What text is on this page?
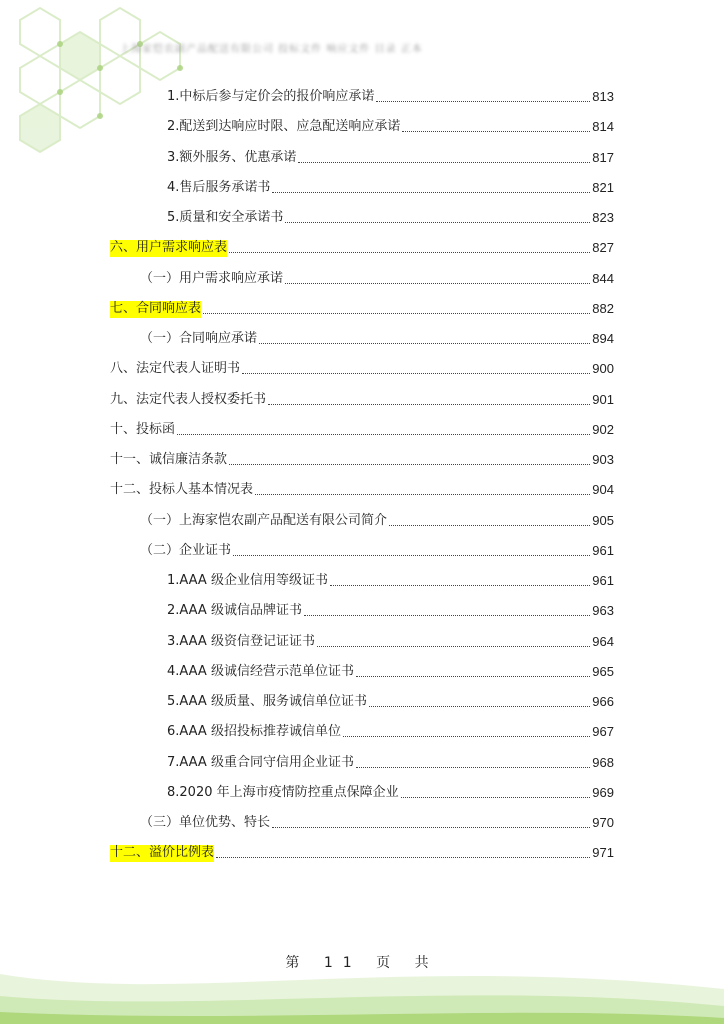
上海家恺农副产品配送有限公司 投标文件 响应文件 目录 正本
1.中标后参与定价会的报价响应承诺	813
2.配送到达响应时限、应急配送响应承诺	814
3.额外服务、优惠承诺	817
4.售后服务承诺书	821
5.质量和安全承诺书	823
六、用户需求响应表	827
（一）用户需求响应承诺	844
七、合同响应表	882
（一）合同响应承诺	894
八、法定代表人证明书	900
九、法定代表人授权委托书	901
十、投标函	902
十一、诚信廉洁条款	903
十二、投标人基本情况表	904
（一）上海家恺农副产品配送有限公司简介	905
（二）企业证书	961
1.AAA 级企业信用等级证书	961
2.AAA 级诚信品牌证书	963
3.AAA 级资信登记证证书	964
4.AAA 级诚信经营示范单位证书	965
5.AAA 级质量、服务诚信单位证书	966
6.AAA 级招投标推荐诚信单位	967
7.AAA 级重合同守信用企业证书	968
8.2020 年上海市疫情防控重点保障企业	969
（三）单位优势、特长	970
十二、溢价比例表	971
第 11 页 共
